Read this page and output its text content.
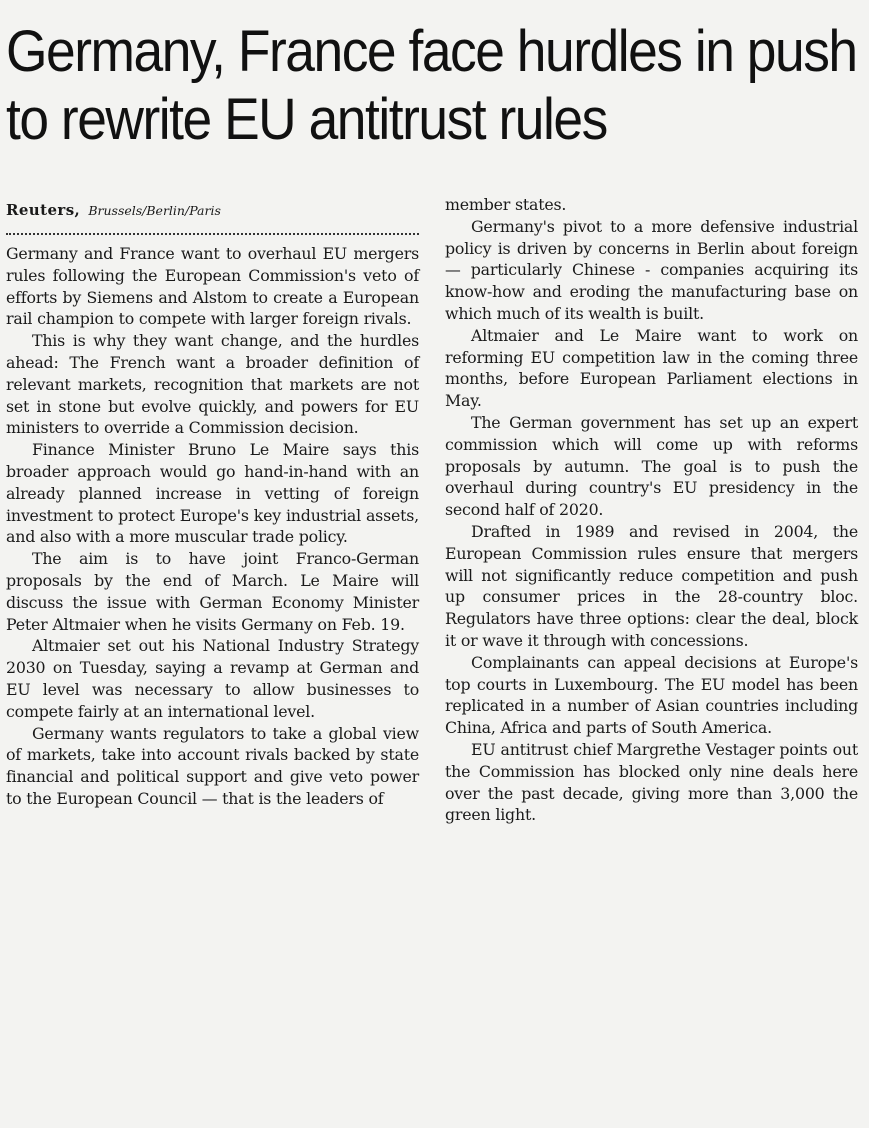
Germany, France face hurdles in push to rewrite EU antitrust rules
Reuters, Brussels/Berlin/Paris

Germany and France want to overhaul EU mergers rules following the European Commission's veto of efforts by Siemens and Alstom to create a European rail champion to compete with larger foreign rivals.

This is why they want change, and the hurdles ahead: The French want a broader definition of relevant markets, recognition that markets are not set in stone but evolve quickly, and powers for EU ministers to override a Commission decision.

Finance Minister Bruno Le Maire says this broader approach would go hand-in-hand with an already planned increase in vetting of foreign investment to protect Europe's key industrial assets, and also with a more muscular trade policy.

The aim is to have joint Franco-German proposals by the end of March. Le Maire will discuss the issue with German Economy Minister Peter Altmaier when he visits Germany on Feb. 19.

Altmaier set out his National Industry Strategy 2030 on Tuesday, saying a revamp at German and EU level was necessary to allow businesses to compete fairly at an international level.

Germany wants regulators to take a global view of markets, take into account rivals backed by state financial and political support and give veto power to the European Council — that is the leaders of

member states.

Germany's pivot to a more defensive industrial policy is driven by concerns in Berlin about foreign — particularly Chinese - companies acquiring its know-how and eroding the manufacturing base on which much of its wealth is built.

Altmaier and Le Maire want to work on reforming EU competition law in the coming three months, before European Parliament elections in May.

The German government has set up an expert commission which will come up with reforms proposals by autumn. The goal is to push the overhaul during country's EU presidency in the second half of 2020.

Drafted in 1989 and revised in 2004, the European Commission rules ensure that mergers will not significantly reduce competition and push up consumer prices in the 28-country bloc. Regulators have three options: clear the deal, block it or wave it through with concessions.

Complainants can appeal decisions at Europe's top courts in Luxembourg. The EU model has been replicated in a number of Asian countries including China, Africa and parts of South America.

EU antitrust chief Margrethe Vestager points out the Commission has blocked only nine deals here over the past decade, giving more than 3,000 the green light.
